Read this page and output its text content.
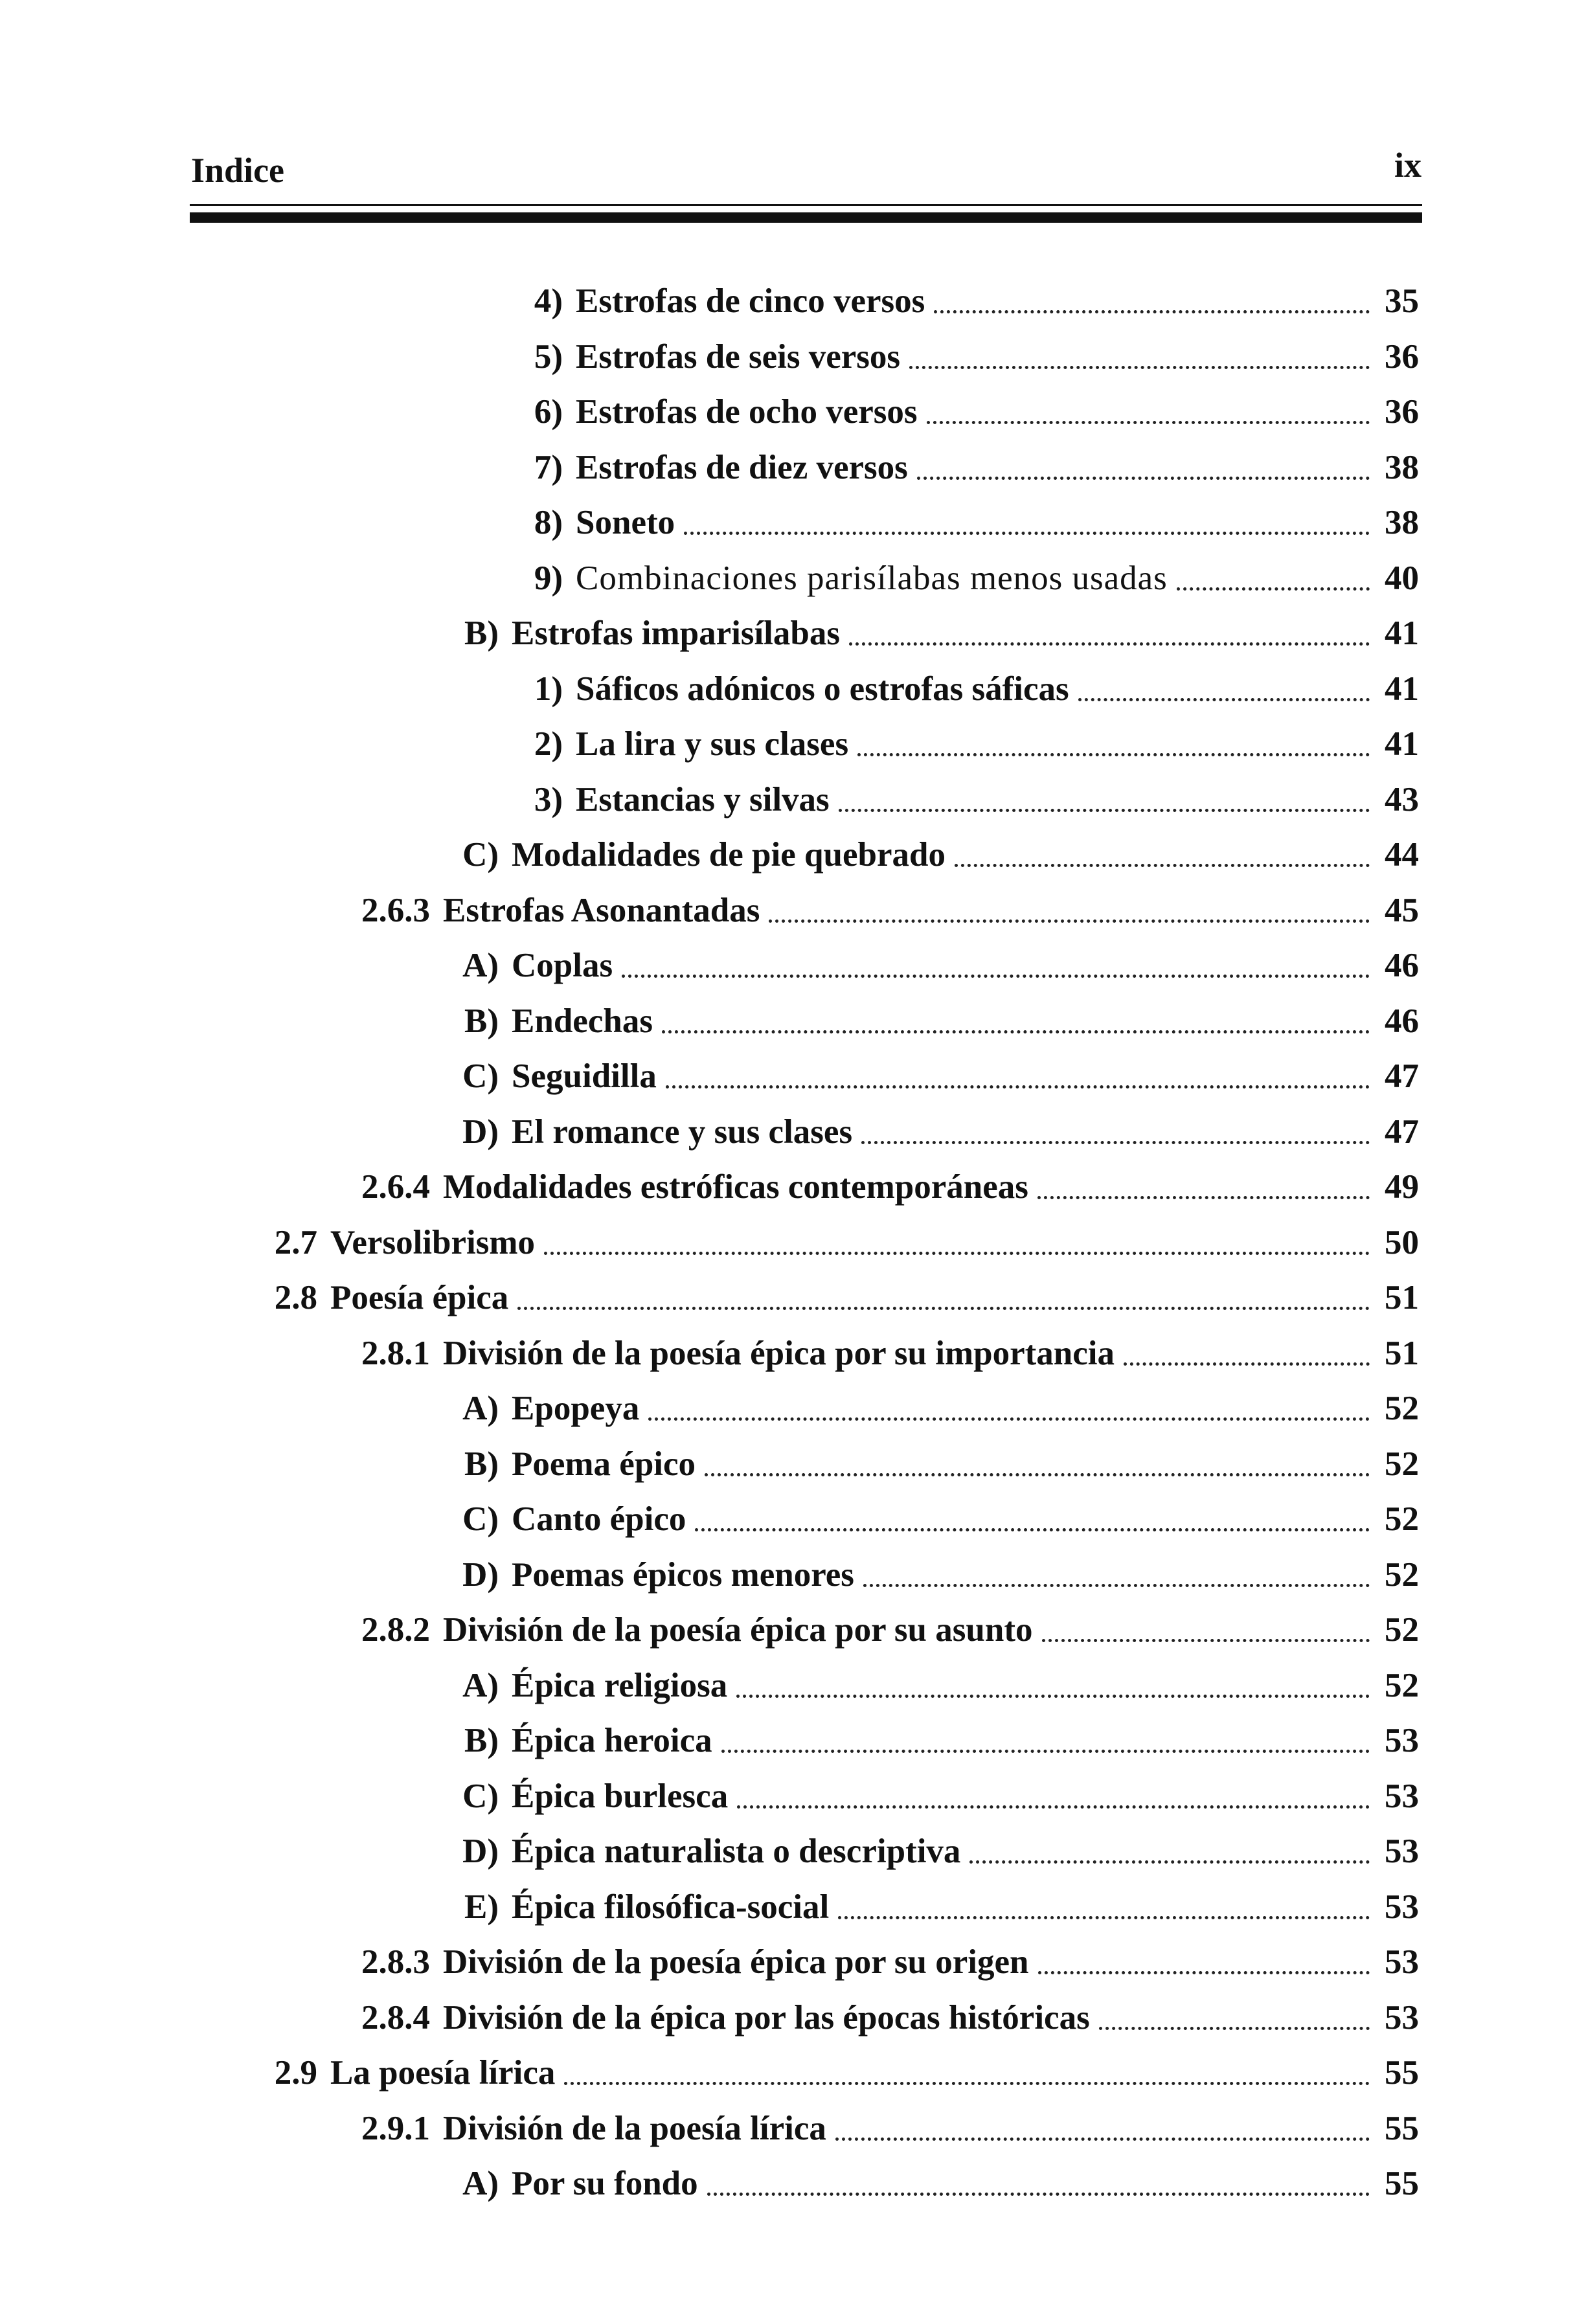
Indice	ix
4) Estrofas de cinco versos	35
5) Estrofas de seis versos	36
6) Estrofas de ocho versos	36
7) Estrofas de diez versos	38
8) Soneto	38
9) Combinaciones parisílabas menos usadas	40
B) Estrofas imparisílabas	41
1) Sáficos adónicos o estrofas sáficas	41
2) La lira y sus clases	41
3) Estancias y silvas	43
C) Modalidades de pie quebrado	44
2.6.3 Estrofas Asonantadas	45
A) Coplas	46
B) Endechas	46
C) Seguidilla	47
D) El romance y sus clases	47
2.6.4 Modalidades estróficas contemporáneas	49
2.7 Versolibrismo	50
2.8 Poesía épica	51
2.8.1 División de la poesía épica por su importancia	51
A) Epopeya	52
B) Poema épico	52
C) Canto épico	52
D) Poemas épicos menores	52
2.8.2 División de la poesía épica por su asunto	52
A) Épica religiosa	52
B) Épica heroica	53
C) Épica burlesca	53
D) Épica naturalista o descriptiva	53
E) Épica filosófica-social	53
2.8.3 División de la poesía épica por su origen	53
2.8.4 División de la épica por las épocas históricas	53
2.9 La poesía lírica	55
2.9.1 División de la poesía lírica	55
A) Por su fondo	55
